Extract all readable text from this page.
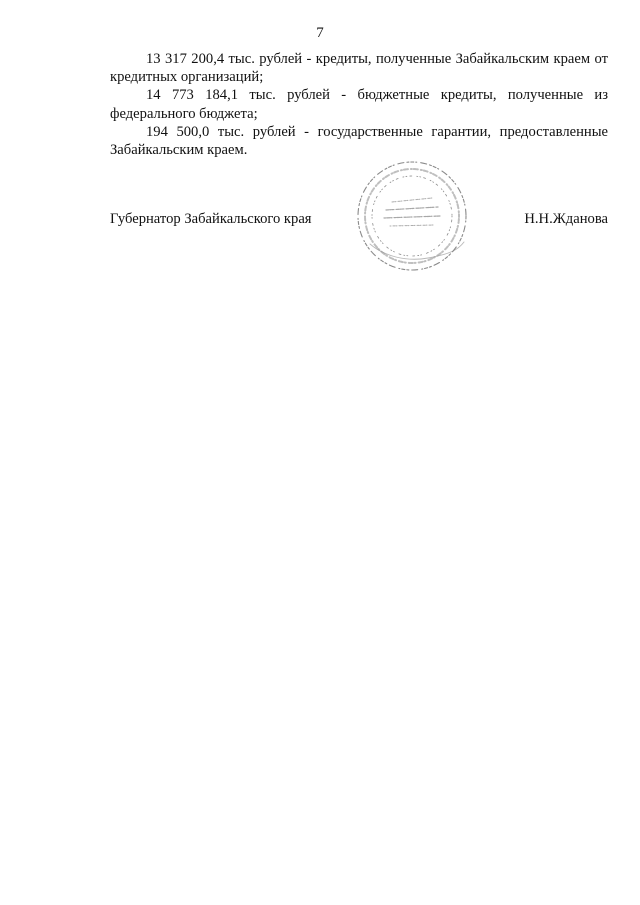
7

13 317 200,4 тыс. рублей - кредиты, полученные Забайкальским краем от кредитных организаций;

14 773 184,1 тыс. рублей - бюджетные кредиты, полученные из федерального бюджета;

194 500,0 тыс. рублей - государственные гарантии, предоставленные Забайкальским краем.

Губернатор Забайкальского края	Н.Н.Жданова
